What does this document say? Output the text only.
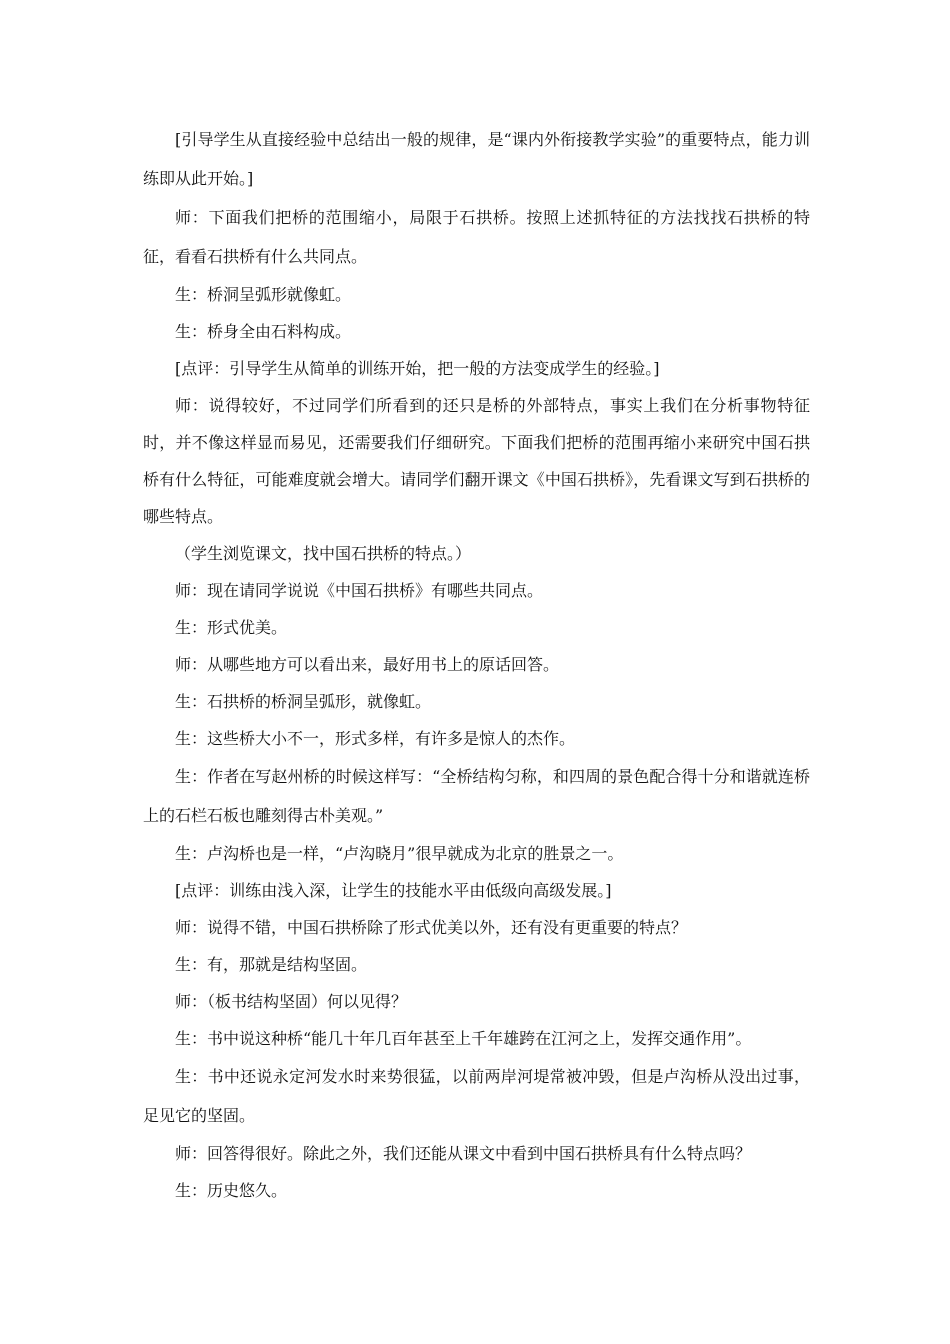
[引导学生从直接经验中总结出一般的规律，是“课内外衔接教学实验”的重要特点，能力训练即从此开始。]

师：下面我们把桥的范围缩小，局限于石拱桥。按照上述抓特征的方法找找石拱桥的特征，看看石拱桥有什么共同点。

生：桥洞呈弧形就像虹。

生：桥身全由石料构成。

[点评：引导学生从简单的训练开始，把一般的方法变成学生的经验。]

师：说得较好，不过同学们所看到的还只是桥的外部特点，事实上我们在分析事物特征时，并不像这样显而易见，还需要我们仔细研究。下面我们把桥的范围再缩小来研究中国石拱桥有什么特征，可能难度就会增大。请同学们翻开课文《中国石拱桥》，先看课文写到石拱桥的哪些特点。

（学生浏览课文，找中国石拱桥的特点。）

师：现在请同学说说《中国石拱桥》有哪些共同点。

生：形式优美。

师：从哪些地方可以看出来，最好用书上的原话回答。

生：石拱桥的桥洞呈弧形，就像虹。

生：这些桥大小不一，形式多样，有许多是惊人的杰作。

生：作者在写赵州桥的时候这样写：“全桥结构匀称，和四周的景色配合得十分和谐就连桥上的石栏石板也雕刻得古朴美观。”

生：卢沟桥也是一样，“卢沟晓月”很早就成为北京的胜景之一。

[点评：训练由浅入深，让学生的技能水平由低级向高级发展。]

师：说得不错，中国石拱桥除了形式优美以外，还有没有更重要的特点？

生：有，那就是结构坚固。

师：（板书结构坚固）何以见得？

生：书中说这种桥“能几十年几百年甚至上千年雄跨在江河之上，发挥交通作用”。

生：书中还说永定河发水时来势很猛，以前两岸河堤常被冲毁，但是卢沟桥从没出过事，足见它的坚固。

师：回答得很好。除此之外，我们还能从课文中看到中国石拱桥具有什么特点吗？

生：历史悠久。
